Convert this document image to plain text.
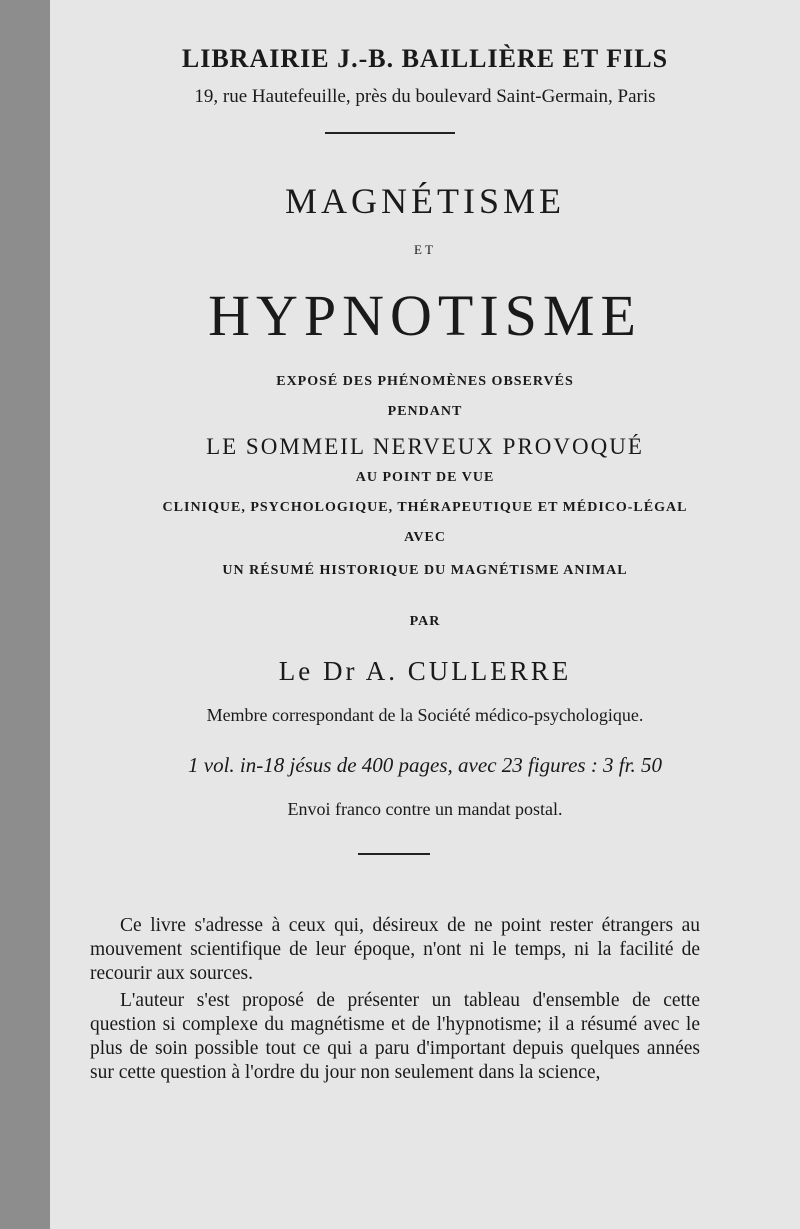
LIBRAIRIE J.-B. BAILLIÈRE ET FILS
19, rue Hautefeuille, près du boulevard Saint-Germain, Paris
MAGNÉTISME
ET
HYPNOTISME
EXPOSÉ DES PHÉNOMÈNES OBSERVÉS
PENDANT
LE SOMMEIL NERVEUX PROVOQUÉ
AU POINT DE VUE
CLINIQUE, PSYCHOLOGIQUE, THÉRAPEUTIQUE ET MÉDICO-LÉGAL
AVEC
UN RÉSUMÉ HISTORIQUE DU MAGNÉTISME ANIMAL
PAR
Le Dr A. CULLERRE
Membre correspondant de la Société médico-psychologique.
1 vol. in-18 jésus de 400 pages, avec 23 figures : 3 fr. 50
Envoi franco contre un mandat postal.
Ce livre s'adresse à ceux qui, désireux de ne point rester étrangers au mouvement scientifique de leur époque, n'ont ni le temps, ni la facilité de recourir aux sources.
L'auteur s'est proposé de présenter un tableau d'ensemble de cette question si complexe du magnétisme et de l'hypnotisme; il a résumé avec le plus de soin possible tout ce qui a paru d'important depuis quelques années sur cette question à l'ordre du jour non seulement dans la science,
